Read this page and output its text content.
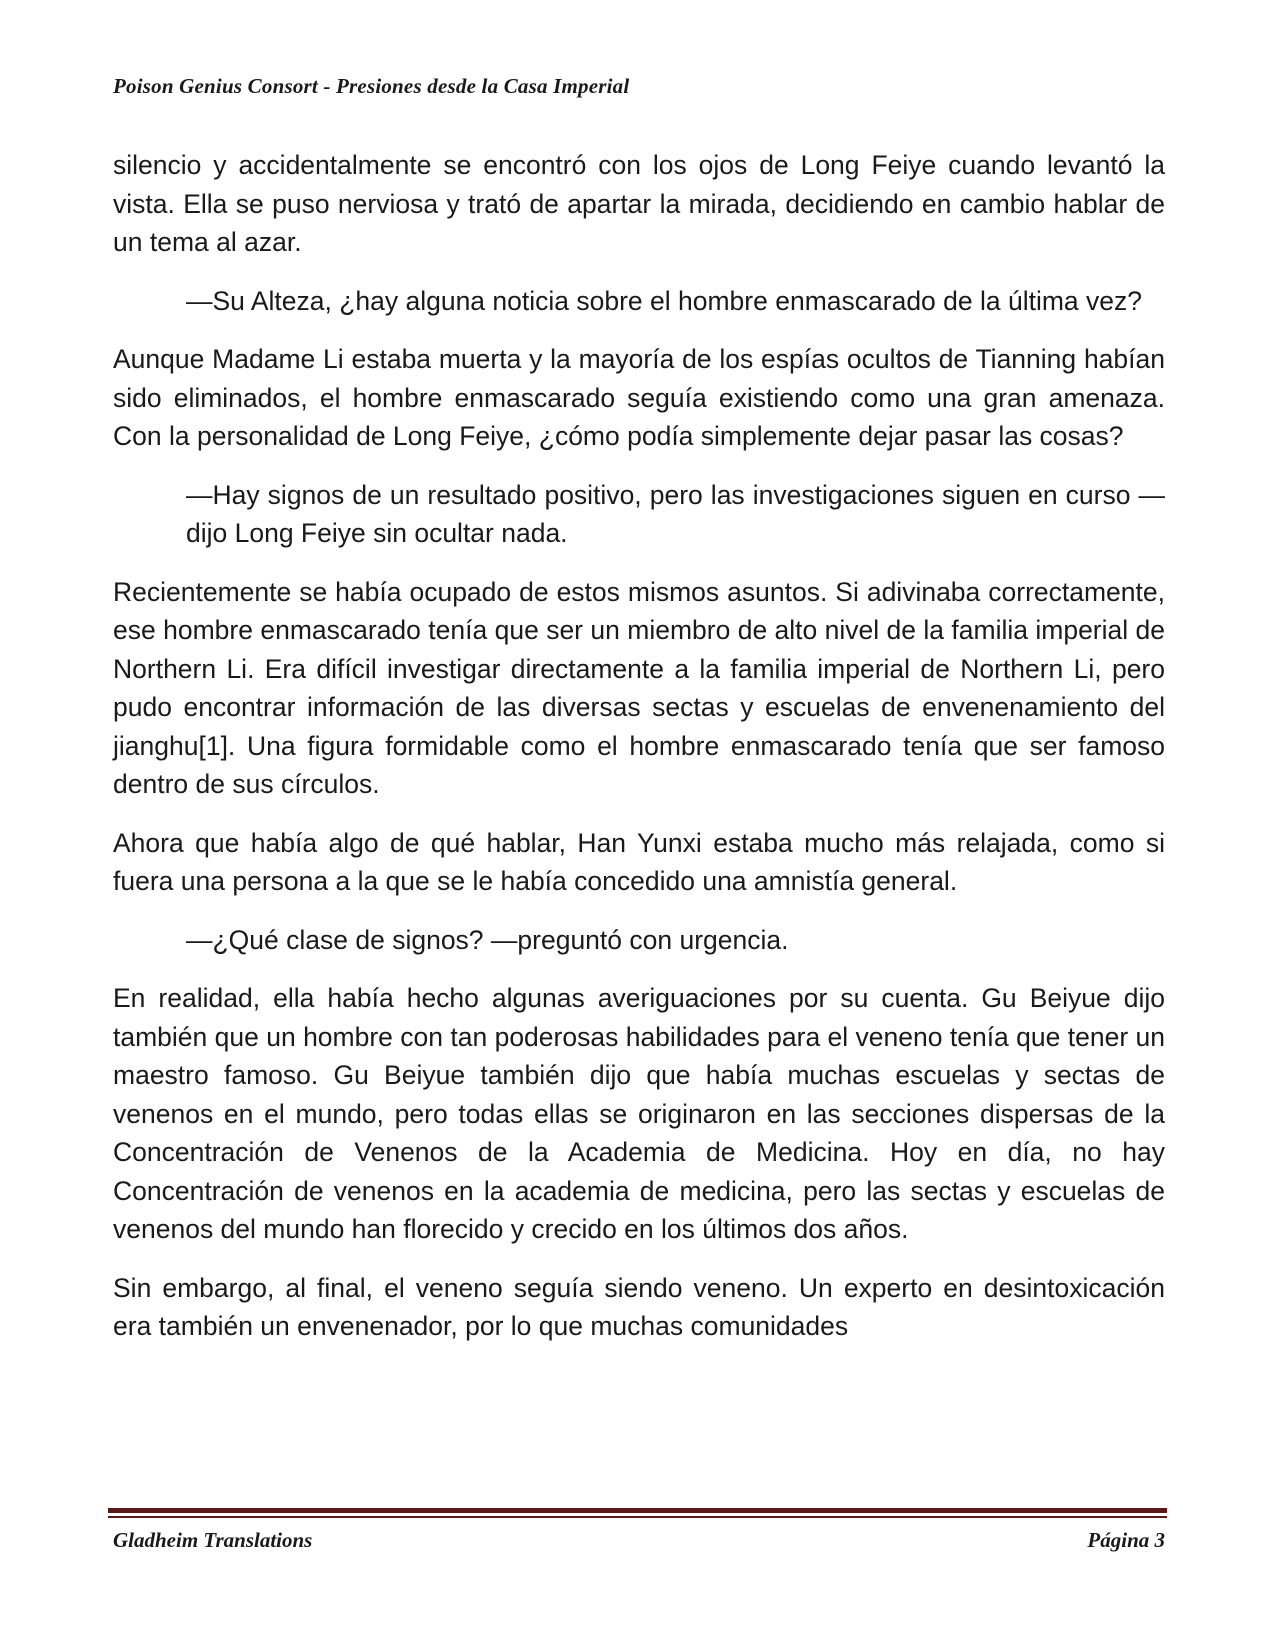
Poison Genius Consort - Presiones desde la Casa Imperial

silencio y accidentalmente se encontró con los ojos de Long Feiye cuando levantó la vista. Ella se puso nerviosa y trató de apartar la mirada, decidiendo en cambio hablar de un tema al azar.

—Su Alteza, ¿hay alguna noticia sobre el hombre enmascarado de la última vez?

Aunque Madame Li estaba muerta y la mayoría de los espías ocultos de Tianning habían sido eliminados, el hombre enmascarado seguía existiendo como una gran amenaza. Con la personalidad de Long Feiye, ¿cómo podía simplemente dejar pasar las cosas?

—Hay signos de un resultado positivo, pero las investigaciones siguen en curso —dijo Long Feiye sin ocultar nada.

Recientemente se había ocupado de estos mismos asuntos. Si adivinaba correctamente, ese hombre enmascarado tenía que ser un miembro de alto nivel de la familia imperial de Northern Li. Era difícil investigar directamente a la familia imperial de Northern Li, pero pudo encontrar información de las diversas sectas y escuelas de envenenamiento del jianghu[1]. Una figura formidable como el hombre enmascarado tenía que ser famoso dentro de sus círculos.

Ahora que había algo de qué hablar, Han Yunxi estaba mucho más relajada, como si fuera una persona a la que se le había concedido una amnistía general.

—¿Qué clase de signos? —preguntó con urgencia.

En realidad, ella había hecho algunas averiguaciones por su cuenta. Gu Beiyue dijo también que un hombre con tan poderosas habilidades para el veneno tenía que tener un maestro famoso. Gu Beiyue también dijo que había muchas escuelas y sectas de venenos en el mundo, pero todas ellas se originaron en las secciones dispersas de la Concentración de Venenos de la Academia de Medicina. Hoy en día, no hay Concentración de venenos en la academia de medicina, pero las sectas y escuelas de venenos del mundo han florecido y crecido en los últimos dos años.

Sin embargo, al final, el veneno seguía siendo veneno. Un experto en desintoxicación era también un envenenador, por lo que muchas comunidades

Gladheim Translations	Página 3
